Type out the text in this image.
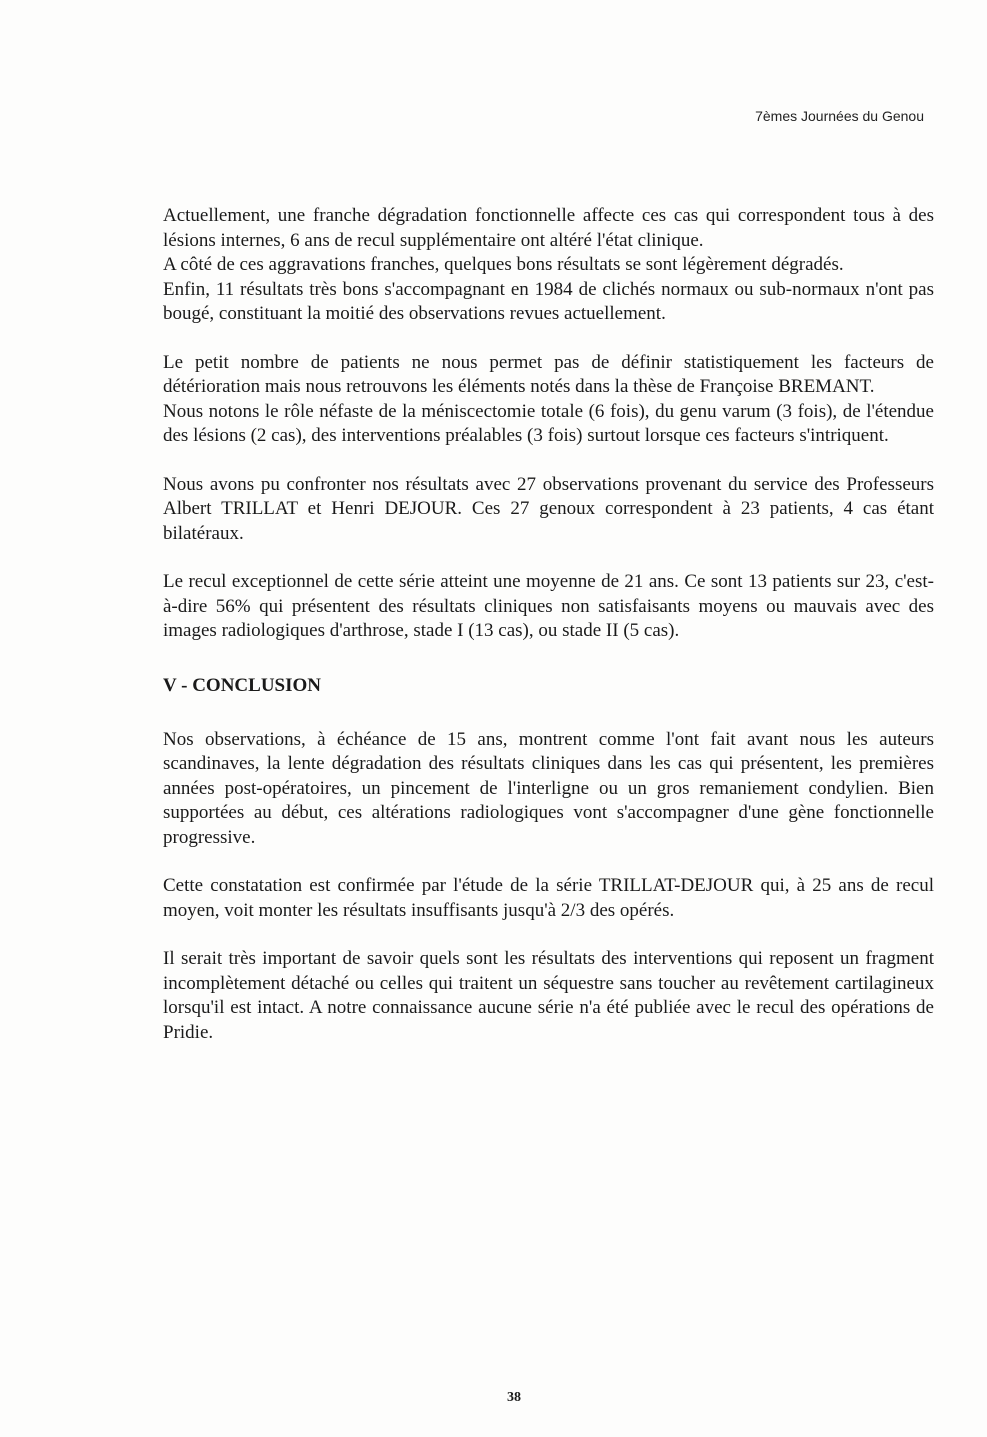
7èmes Journées du Genou

Actuellement, une franche dégradation fonctionnelle affecte ces cas qui correspondent tous à des lésions internes, 6 ans de recul supplémentaire ont altéré l'état clinique.

A côté de ces aggravations franches, quelques bons résultats se sont légèrement dégradés.

Enfin, 11 résultats très bons s'accompagnant en 1984 de clichés normaux ou sub-normaux n'ont pas bougé, constituant la moitié des observations revues actuellement.

Le petit nombre de patients ne nous permet pas de définir statistiquement les facteurs de détérioration mais nous retrouvons les éléments notés dans la thèse de Françoise BREMANT.

Nous notons le rôle néfaste de la méniscectomie totale (6 fois), du genu varum (3 fois), de l'étendue des lésions (2 cas), des interventions préalables (3 fois) surtout lorsque ces facteurs s'intriquent.

Nous avons pu confronter nos résultats avec 27 observations provenant du service des Professeurs Albert TRILLAT et Henri DEJOUR. Ces 27 genoux correspondent à 23 patients, 4 cas étant bilatéraux.

Le recul exceptionnel de cette série atteint une moyenne de 21 ans. Ce sont 13 patients sur 23, c'est-à-dire 56% qui présentent des résultats cliniques non satisfaisants moyens ou mauvais avec des images radiologiques d'arthrose, stade I (13 cas), ou stade II (5 cas).

V - CONCLUSION

Nos observations, à échéance de 15 ans, montrent comme l'ont fait avant nous les auteurs scandinaves, la lente dégradation des résultats cliniques dans les cas qui présentent, les premières années post-opératoires, un pincement de l'interligne ou un gros remaniement condylien. Bien supportées au début, ces altérations radiologiques vont s'accompagner d'une gène fonctionnelle progressive.

Cette constatation est confirmée par l'étude de la série TRILLAT-DEJOUR qui, à 25 ans de recul moyen, voit monter les résultats insuffisants jusqu'à 2/3 des opérés.

Il serait très important de savoir quels sont les résultats des interventions qui reposent un fragment incomplètement détaché ou celles qui traitent un séquestre sans toucher au revêtement cartilagineux lorsqu'il est intact. A notre connaissance aucune série n'a été publiée avec le recul des opérations de Pridie.

38
